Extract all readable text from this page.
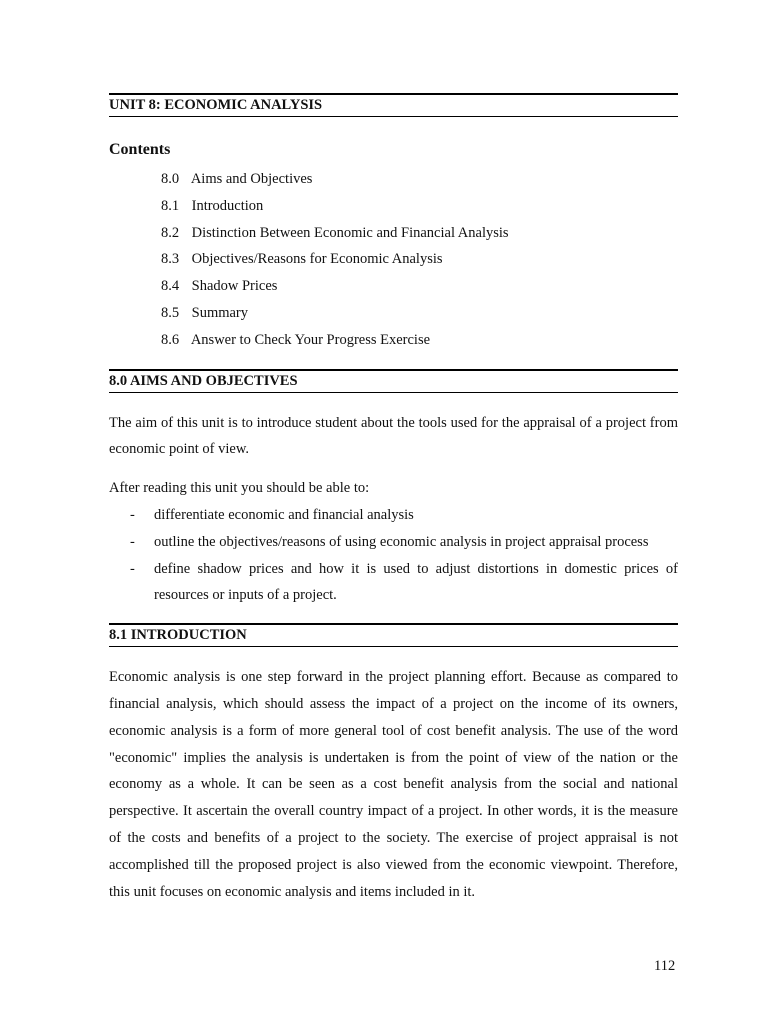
UNIT 8: ECONOMIC ANALYSIS
Contents
8.0 Aims and Objectives
8.1 Introduction
8.2 Distinction Between Economic and Financial Analysis
8.3 Objectives/Reasons for Economic Analysis
8.4 Shadow Prices
8.5 Summary
8.6 Answer to Check Your Progress Exercise
8.0 AIMS AND OBJECTIVES

The aim of this unit is to introduce student about the tools used for the appraisal of a project from economic point of view.

After reading this unit you should be able to:

- differentiate economic and financial analysis
- outline the objectives/reasons of using economic analysis in project appraisal process
- define shadow prices and how it is used to adjust distortions in domestic prices of resources or inputs of a project.
8.1 INTRODUCTION

Economic analysis is one step forward in the project planning effort. Because as compared to financial analysis, which should assess the impact of a project on the income of its owners, economic analysis is a form of more general tool of cost benefit analysis. The use of the word "economic" implies the analysis is undertaken is from the point of view of the nation or the economy as a whole. It can be seen as a cost benefit analysis from the social and national perspective. It ascertain the overall country impact of a project. In other words, it is the measure of the costs and benefits of a project to the society. The exercise of project appraisal is not accomplished till the proposed project is also viewed from the economic viewpoint. Therefore, this unit focuses on economic analysis and items included in it.

112
